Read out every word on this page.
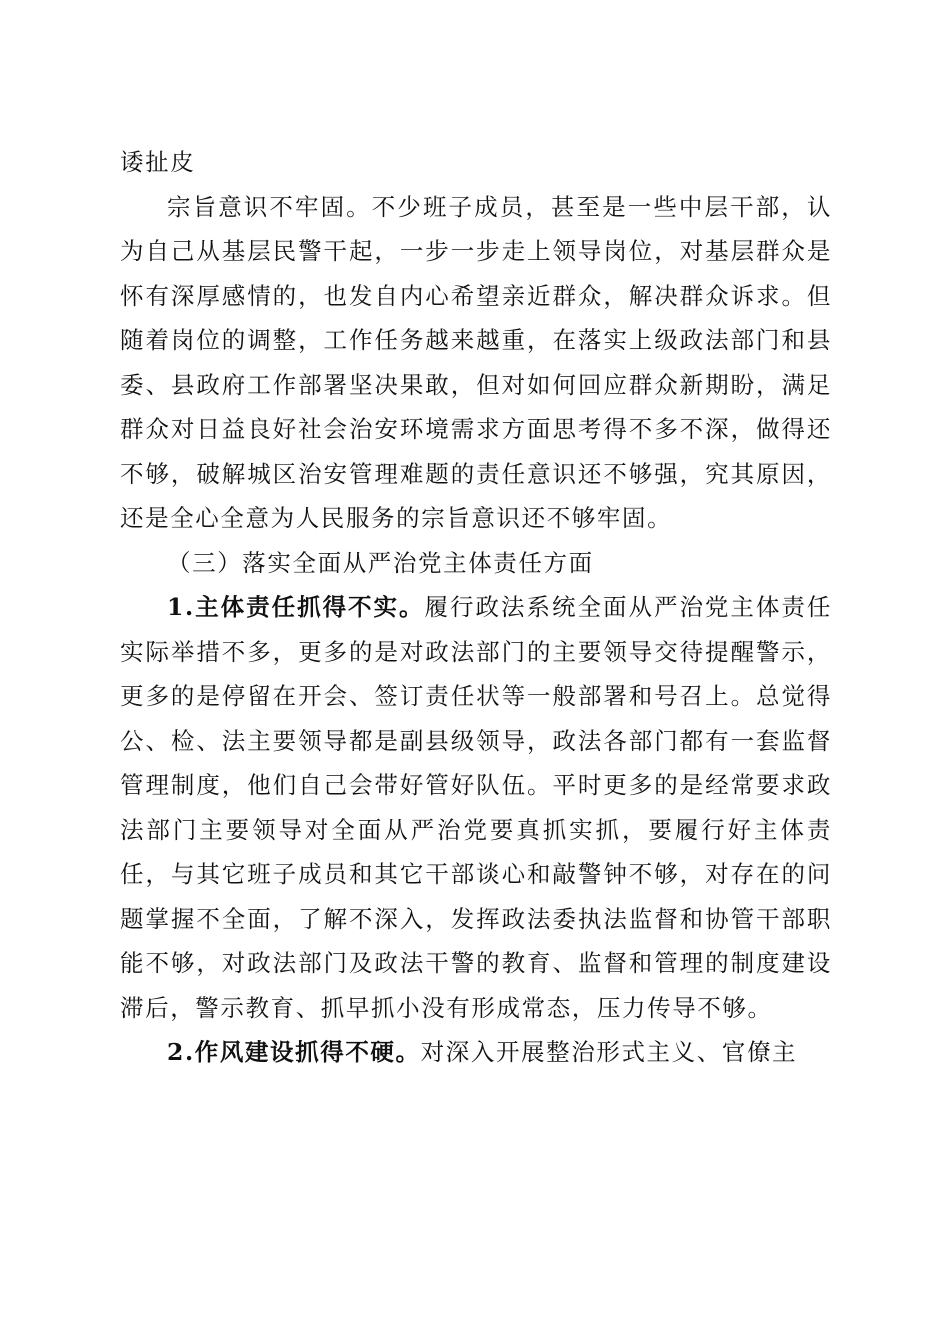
诿扯皮

宗旨意识不牢固。不少班子成员，甚至是一些中层干部，认为自己从基层民警干起，一步一步走上领导岗位，对基层群众是怀有深厚感情的，也发自内心希望亲近群众，解决群众诉求。但随着岗位的调整，工作任务越来越重，在落实上级政法部门和县委、县政府工作部署坚决果敢，但对如何回应群众新期盼，满足群众对日益良好社会治安环境需求方面思考得不多不深，做得还不够，破解城区治安管理难题的责任意识还不够强，究其原因，还是全心全意为人民服务的宗旨意识还不够牢固。

（三）落实全面从严治党主体责任方面

1.主体责任抓得不实。履行政法系统全面从严治党主体责任实际举措不多，更多的是对政法部门的主要领导交待提醒警示，更多的是停留在开会、签订责任状等一般部署和号召上。总觉得公、检、法主要领导都是副县级领导，政法各部门都有一套监督管理制度，他们自己会带好管好队伍。平时更多的是经常要求政法部门主要领导对全面从严治党要真抓实抓，要履行好主体责任，与其它班子成员和其它干部谈心和敲警钟不够，对存在的问题掌握不全面，了解不深入，发挥政法委执法监督和协管干部职能不够，对政法部门及政法干警的教育、监督和管理的制度建设滞后，警示教育、抓早抓小没有形成常态，压力传导不够。

2.作风建设抓得不硬。对深入开展整治形式主义、官僚主
